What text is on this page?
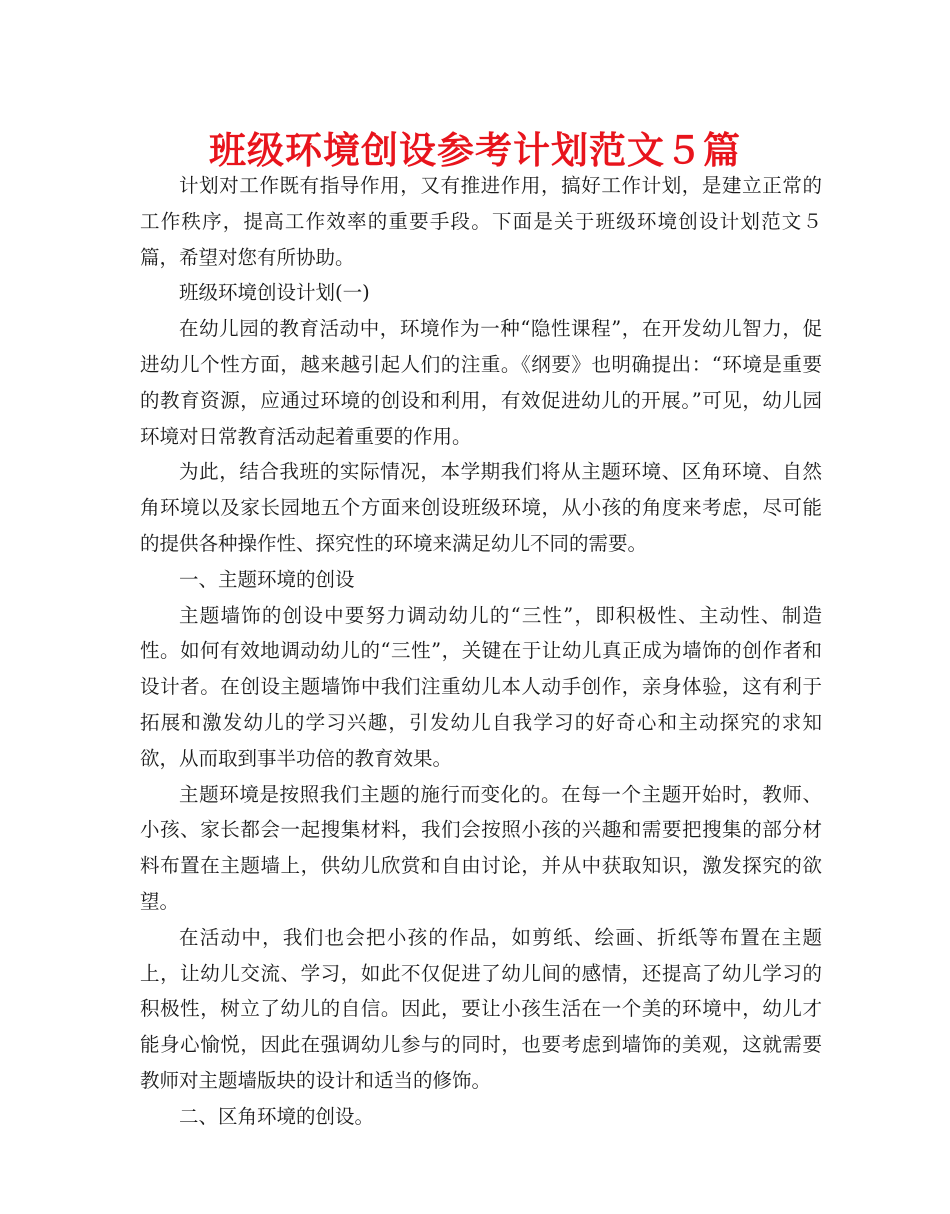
班级环境创设参考计划范文５篇

计划对工作既有指导作用，又有推进作用，搞好工作计划，是建立正常的工作秩序，提高工作效率的重要手段。下面是关于班级环境创设计划范文５篇，希望对您有所协助。

班级环境创设计划(一)

在幼儿园的教育活动中，环境作为一种“隐性课程”，在开发幼儿智力，促进幼儿个性方面，越来越引起人们的注重。《纲要》也明确提出：“环境是重要的教育资源，应通过环境的创设和利用，有效促进幼儿的开展。”可见，幼儿园环境对日常教育活动起着重要的作用。

为此，结合我班的实际情况，本学期我们将从主题环境、区角环境、自然角环境以及家长园地五个方面来创设班级环境，从小孩的角度来考虑，尽可能的提供各种操作性、探究性的环境来满足幼儿不同的需要。

一、主题环境的创设

主题墙饰的创设中要努力调动幼儿的“三性”，即积极性、主动性、制造性。如何有效地调动幼儿的“三性”，关键在于让幼儿真正成为墙饰的创作者和设计者。在创设主题墙饰中我们注重幼儿本人动手创作，亲身体验，这有利于拓展和激发幼儿的学习兴趣，引发幼儿自我学习的好奇心和主动探究的求知欲，从而取到事半功倍的教育效果。

主题环境是按照我们主题的施行而变化的。在每一个主题开始时，教师、小孩、家长都会一起搜集材料，我们会按照小孩的兴趣和需要把搜集的部分材料布置在主题墙上，供幼儿欣赏和自由讨论，并从中获取知识，激发探究的欲望。

在活动中，我们也会把小孩的作品，如剪纸、绘画、折纸等布置在主题上，让幼儿交流、学习，如此不仅促进了幼儿间的感情，还提高了幼儿学习的积极性，树立了幼儿的自信。因此，要让小孩生活在一个美的环境中，幼儿才能身心愉悦，因此在强调幼儿参与的同时，也要考虑到墙饰的美观，这就需要教师对主题墙版块的设计和适当的修饰。

二、区角环境的创设。
